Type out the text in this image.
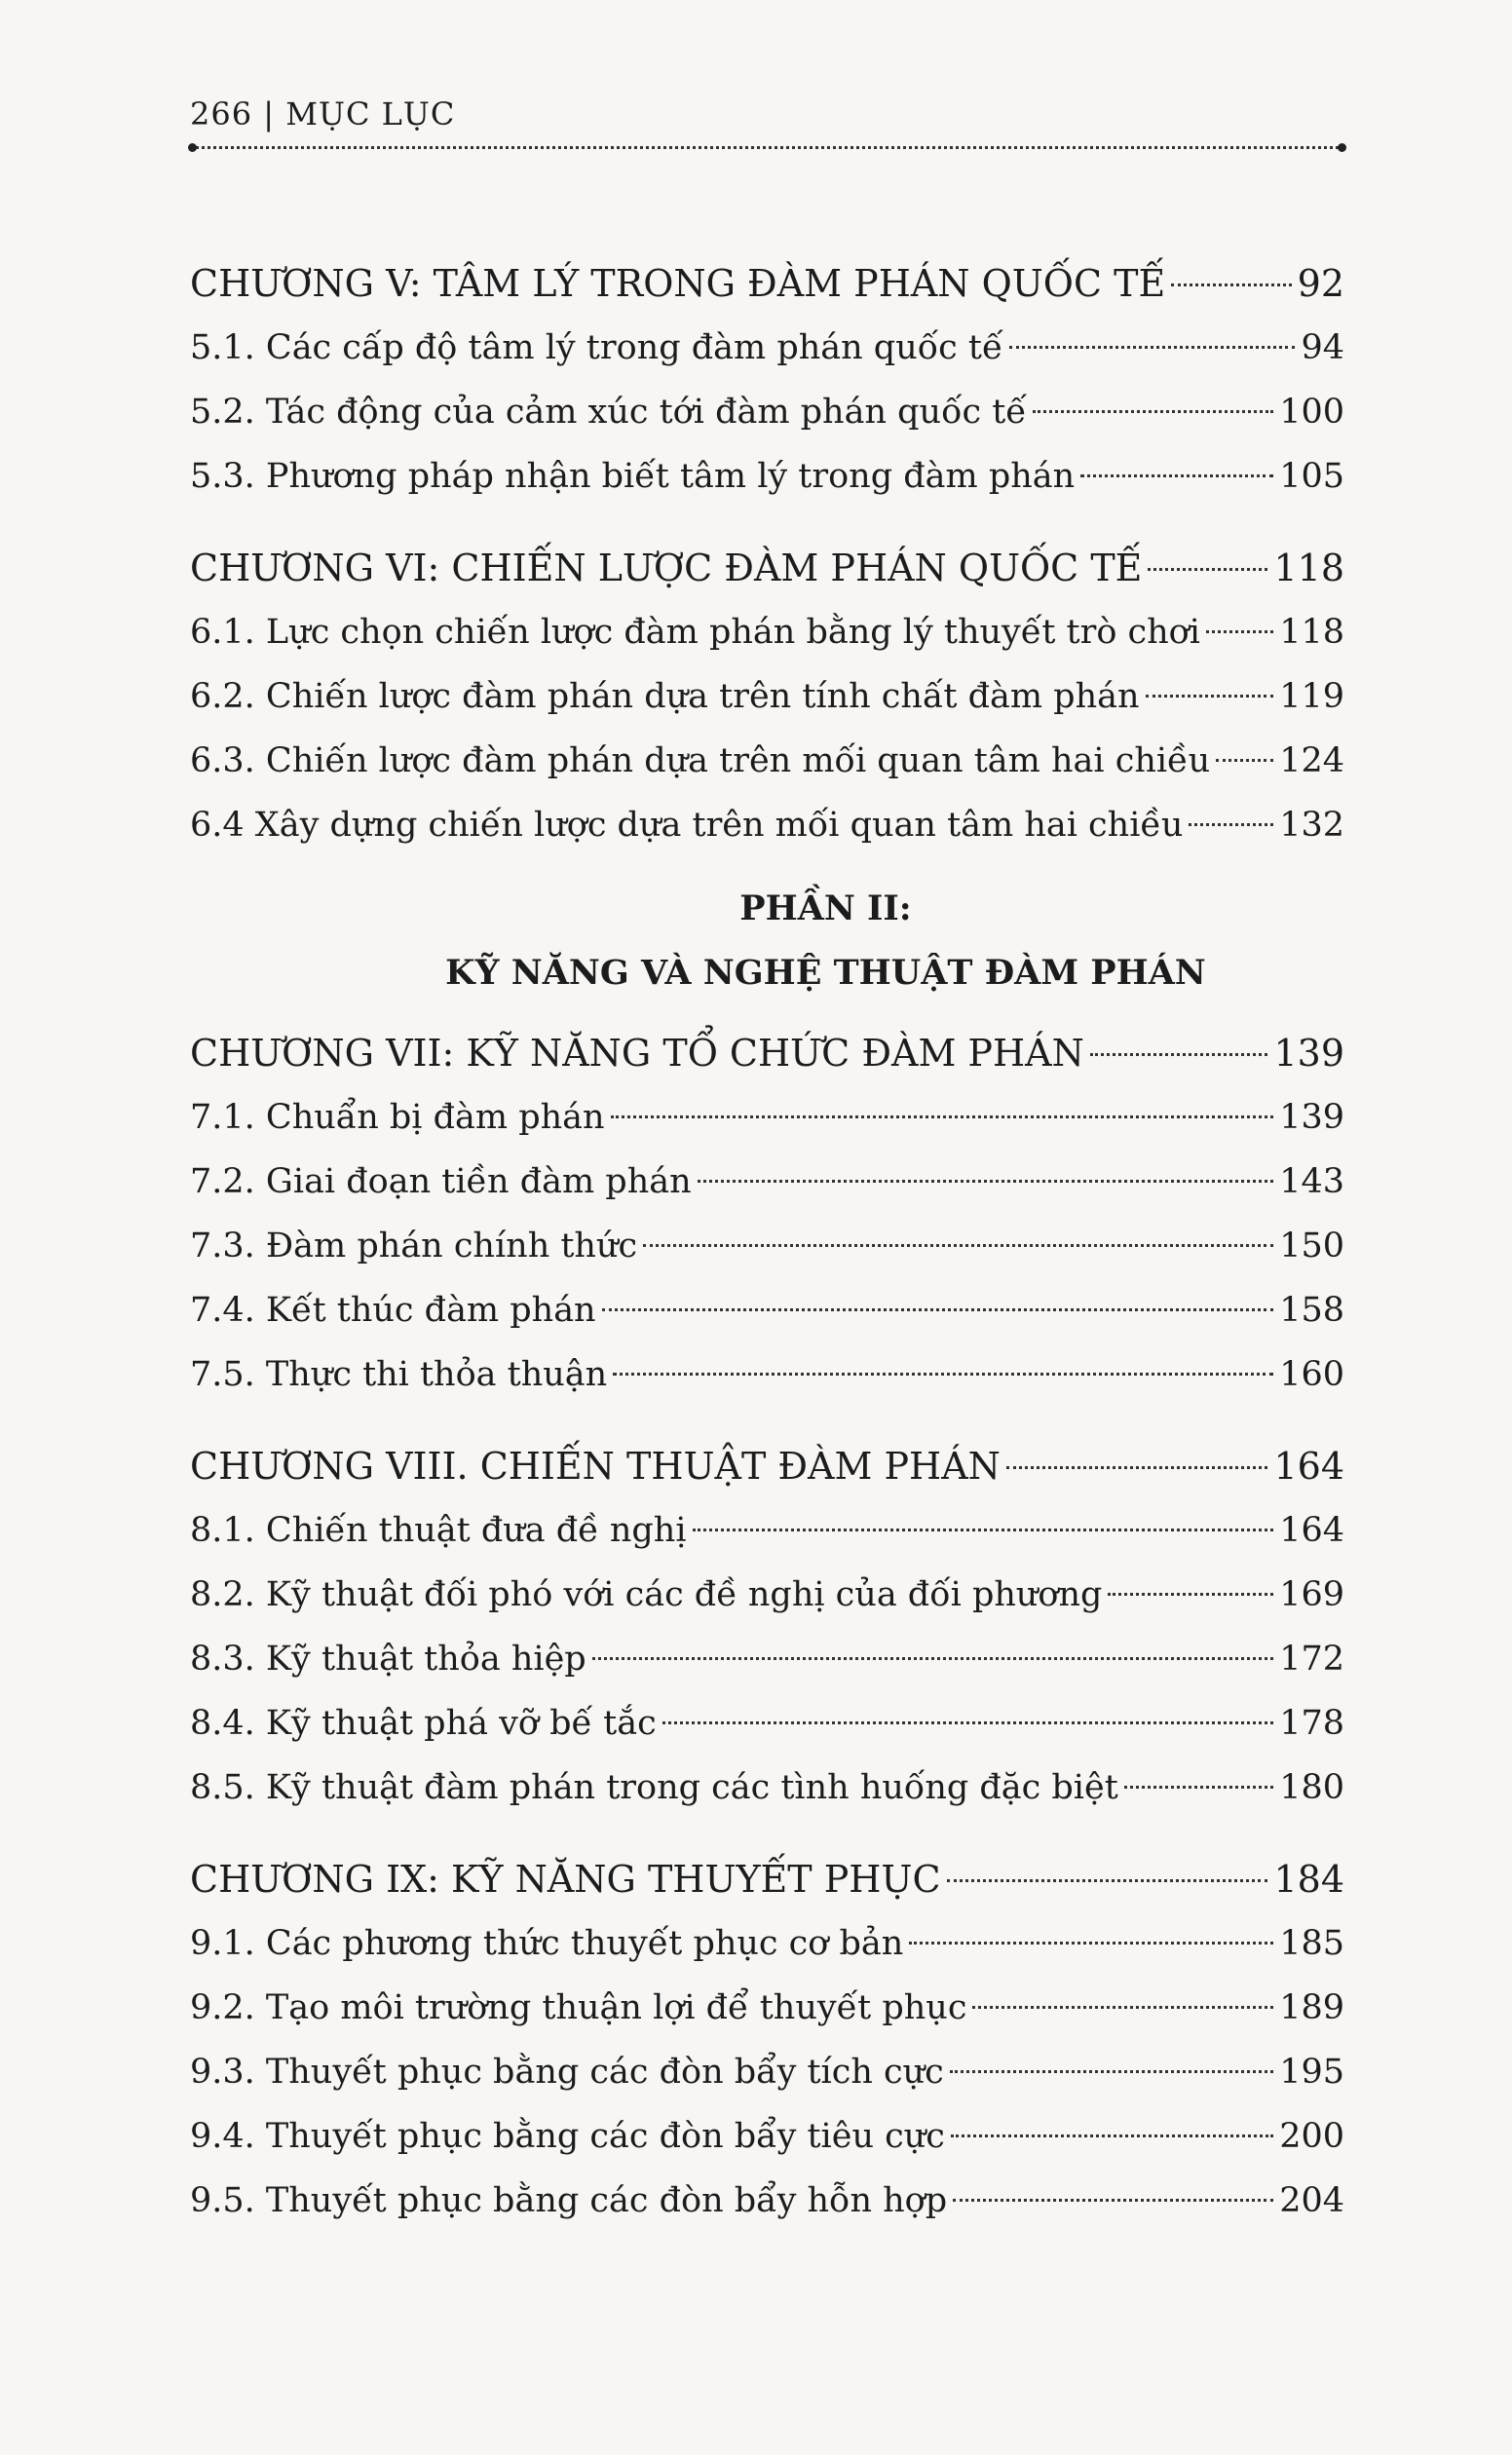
266 | MỤC LỤC
CHƯƠNG V: TÂM LÝ TRONG ĐÀM PHÁN QUỐC TẾ	92
5.1. Các cấp độ tâm lý trong đàm phán quốc tế	94
5.2. Tác động của cảm xúc tới đàm phán quốc tế	100
5.3. Phương pháp nhận biết tâm lý trong đàm phán	105
CHƯƠNG VI: CHIẾN LƯỢC ĐÀM PHÁN QUỐC TẾ	118
6.1. Lực chọn chiến lược đàm phán bằng lý thuyết trò chơi 118
6.2. Chiến lược đàm phán dựa trên tính chất đàm phán	119
6.3. Chiến lược đàm phán dựa trên mối quan tâm hai chiều 124
6.4 Xây dựng chiến lược dựa trên mối quan tâm hai chiều	132
PHẦN II:
KỸ NĂNG VÀ NGHỆ THUẬT ĐÀM PHÁN
CHƯƠNG VII: KỸ NĂNG TỔ CHỨC ĐÀM PHÁN	139
7.1. Chuẩn bị đàm phán	139
7.2. Giai đoạn tiền đàm phán	143
7.3. Đàm phán chính thức	150
7.4. Kết thúc đàm phán	158
7.5. Thực thi thỏa thuận	160
CHƯƠNG VIII. CHIẾN THUẬT ĐÀM PHÁN	164
8.1. Chiến thuật đưa đề nghị	164
8.2. Kỹ thuật đối phó với các đề nghị của đối phương	169
8.3. Kỹ thuật thỏa hiệp	172
8.4. Kỹ thuật phá vỡ bế tắc	178
8.5. Kỹ thuật đàm phán trong các tình huống đặc biệt	180
CHƯƠNG IX: KỸ NĂNG THUYẾT PHỤC	184
9.1. Các phương thức thuyết phục cơ bản	185
9.2. Tạo môi trường thuận lợi để thuyết phục	189
9.3. Thuyết phục bằng các đòn bẩy tích cực	195
9.4. Thuyết phục bằng các đòn bẩy tiêu cực	200
9.5. Thuyết phục bằng các đòn bẩy hỗn hợp	204
